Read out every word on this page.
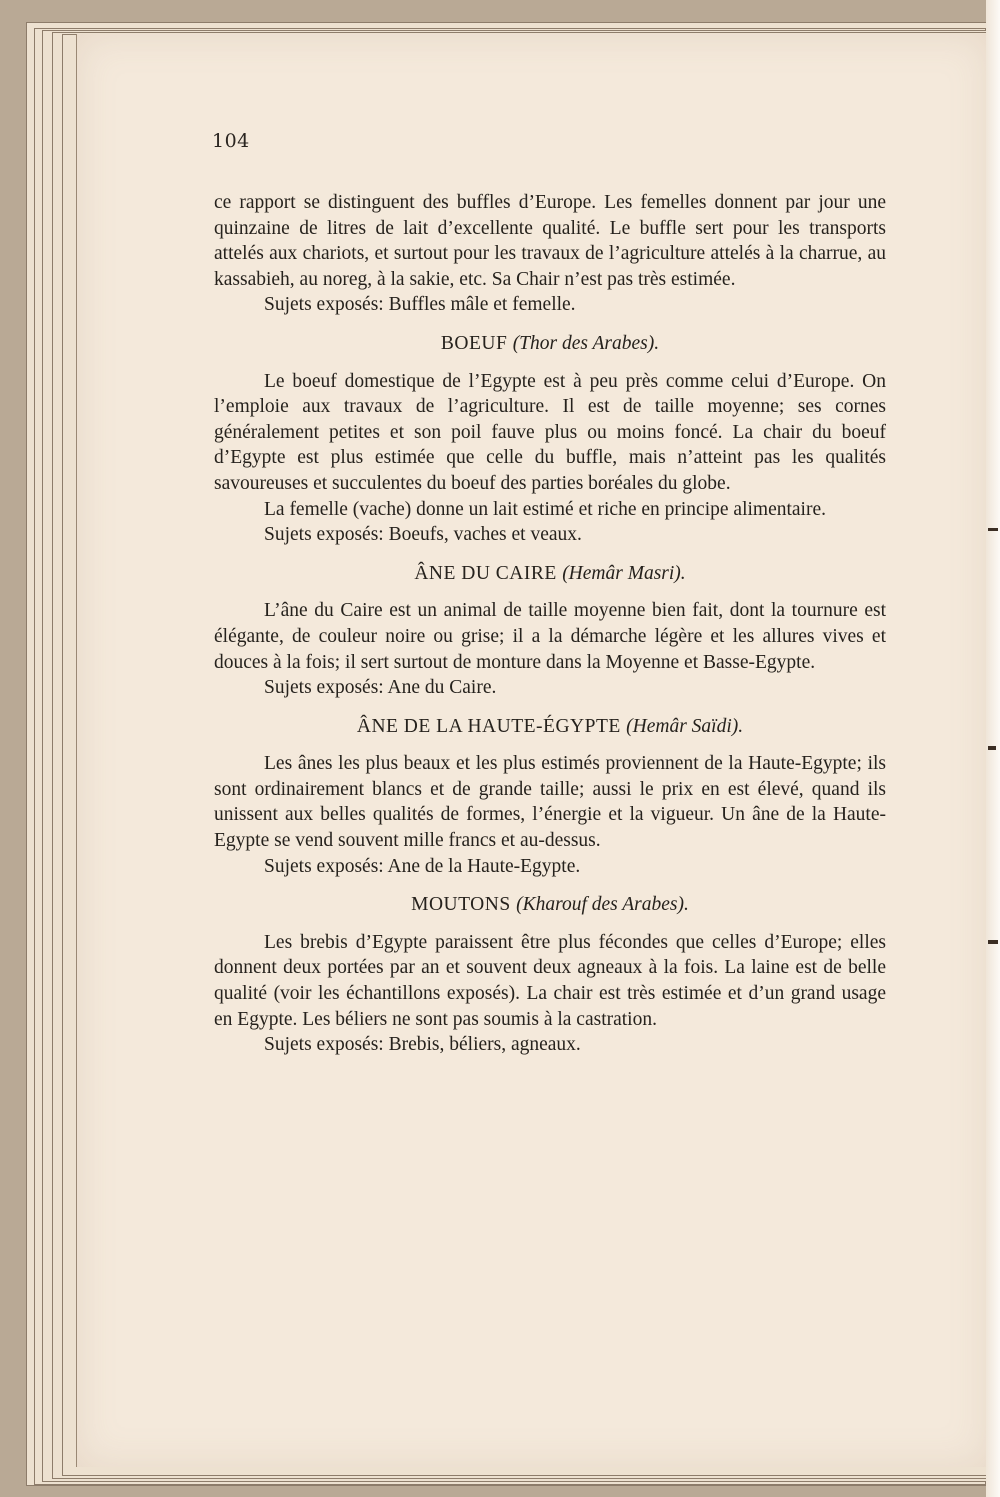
104

ce rapport se distinguent des buffles d’Europe. Les femelles donnent par jour une quinzaine de litres de lait d’excellente qualité. Le buffle sert pour les transports attelés aux chariots, et surtout pour les travaux de l’agriculture attelés à la charrue, au kassabieh, au noreg, à la sakie, etc. Sa Chair n’est pas très estimée.

Sujets exposés: Buffles mâle et femelle.

BOEUF (Thor des Arabes).

Le boeuf domestique de l’Egypte est à peu près comme celui d’Europe. On l’emploie aux travaux de l’agriculture. Il est de taille moyenne; ses cornes généralement petites et son poil fauve plus ou moins foncé. La chair du boeuf d’Egypte est plus estimée que celle du buffle, mais n’atteint pas les qualités savoureuses et succulentes du boeuf des parties boréales du globe.

La femelle (vache) donne un lait estimé et riche en principe alimentaire.

Sujets exposés: Boeufs, vaches et veaux.

ÂNE DU CAIRE (Hemâr Masri).

L’âne du Caire est un animal de taille moyenne bien fait, dont la tournure est élégante, de couleur noire ou grise; il a la démarche légère et les allures vives et douces à la fois; il sert surtout de monture dans la Moyenne et Basse-Egypte.

Sujets exposés: Ane du Caire.

ÂNE DE LA HAUTE-ÉGYPTE (Hemâr Saïdi).

Les ânes les plus beaux et les plus estimés proviennent de la Haute-Egypte; ils sont ordinairement blancs et de grande taille; aussi le prix en est élevé, quand ils unissent aux belles qualités de formes, l’énergie et la vigueur. Un âne de la Haute-Egypte se vend souvent mille francs et au-dessus.

Sujets exposés: Ane de la Haute-Egypte.

MOUTONS (Kharouf des Arabes).

Les brebis d’Egypte paraissent être plus fécondes que celles d’Europe; elles donnent deux portées par an et souvent deux agneaux à la fois. La laine est de belle qualité (voir les échantillons exposés). La chair est très estimée et d’un grand usage en Egypte. Les béliers ne sont pas soumis à la castration.

Sujets exposés: Brebis, béliers, agneaux.
